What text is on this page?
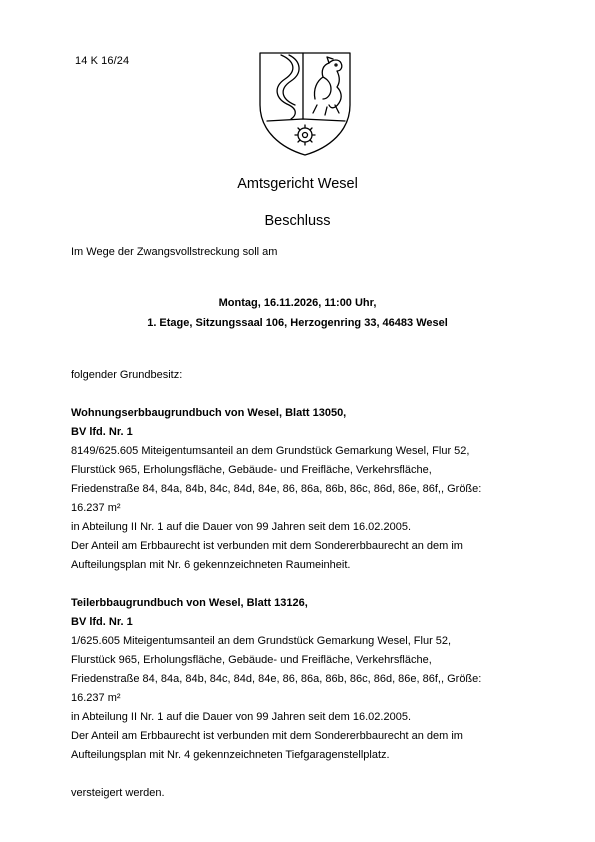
14 K 16/24
Amtsgericht Wesel
Beschluss
Im Wege der Zwangsvollstreckung soll am
Montag, 16.11.2026, 11:00 Uhr,
1. Etage, Sitzungssaal 106, Herzogenring 33, 46483 Wesel

folgender Grundbesitz:

Wohnungserbbaugrundbuch von Wesel, Blatt 13050,

BV lfd. Nr. 1

8149/625.605 Miteigentumsanteil an dem Grundstück Gemarkung Wesel, Flur 52,

Flurstück 965, Erholungsfläche, Gebäude- und Freifläche, Verkehrsfläche,

Friedenstraße 84, 84a, 84b, 84c, 84d, 84e, 86, 86a, 86b, 86c, 86d, 86e, 86f,, Größe:

16.237 m²

in Abteilung II Nr. 1 auf die Dauer von 99 Jahren seit dem 16.02.2005.

Der Anteil am Erbbaurecht ist verbunden mit dem Sondererbbaurecht an dem im

Aufteilungsplan mit Nr. 6 gekennzeichneten Raumeinheit.

Teilerbbaugrundbuch von Wesel, Blatt 13126,

BV lfd. Nr. 1

1/625.605 Miteigentumsanteil an dem Grundstück Gemarkung Wesel, Flur 52,

Flurstück 965, Erholungsfläche, Gebäude- und Freifläche, Verkehrsfläche,

Friedenstraße 84, 84a, 84b, 84c, 84d, 84e, 86, 86a, 86b, 86c, 86d, 86e, 86f,, Größe:

16.237 m²

in Abteilung II Nr. 1 auf die Dauer von 99 Jahren seit dem 16.02.2005.

Der Anteil am Erbbaurecht ist verbunden mit dem Sondererbbaurecht an dem im

Aufteilungsplan mit Nr. 4 gekennzeichneten Tiefgaragenstellplatz.

versteigert werden.
